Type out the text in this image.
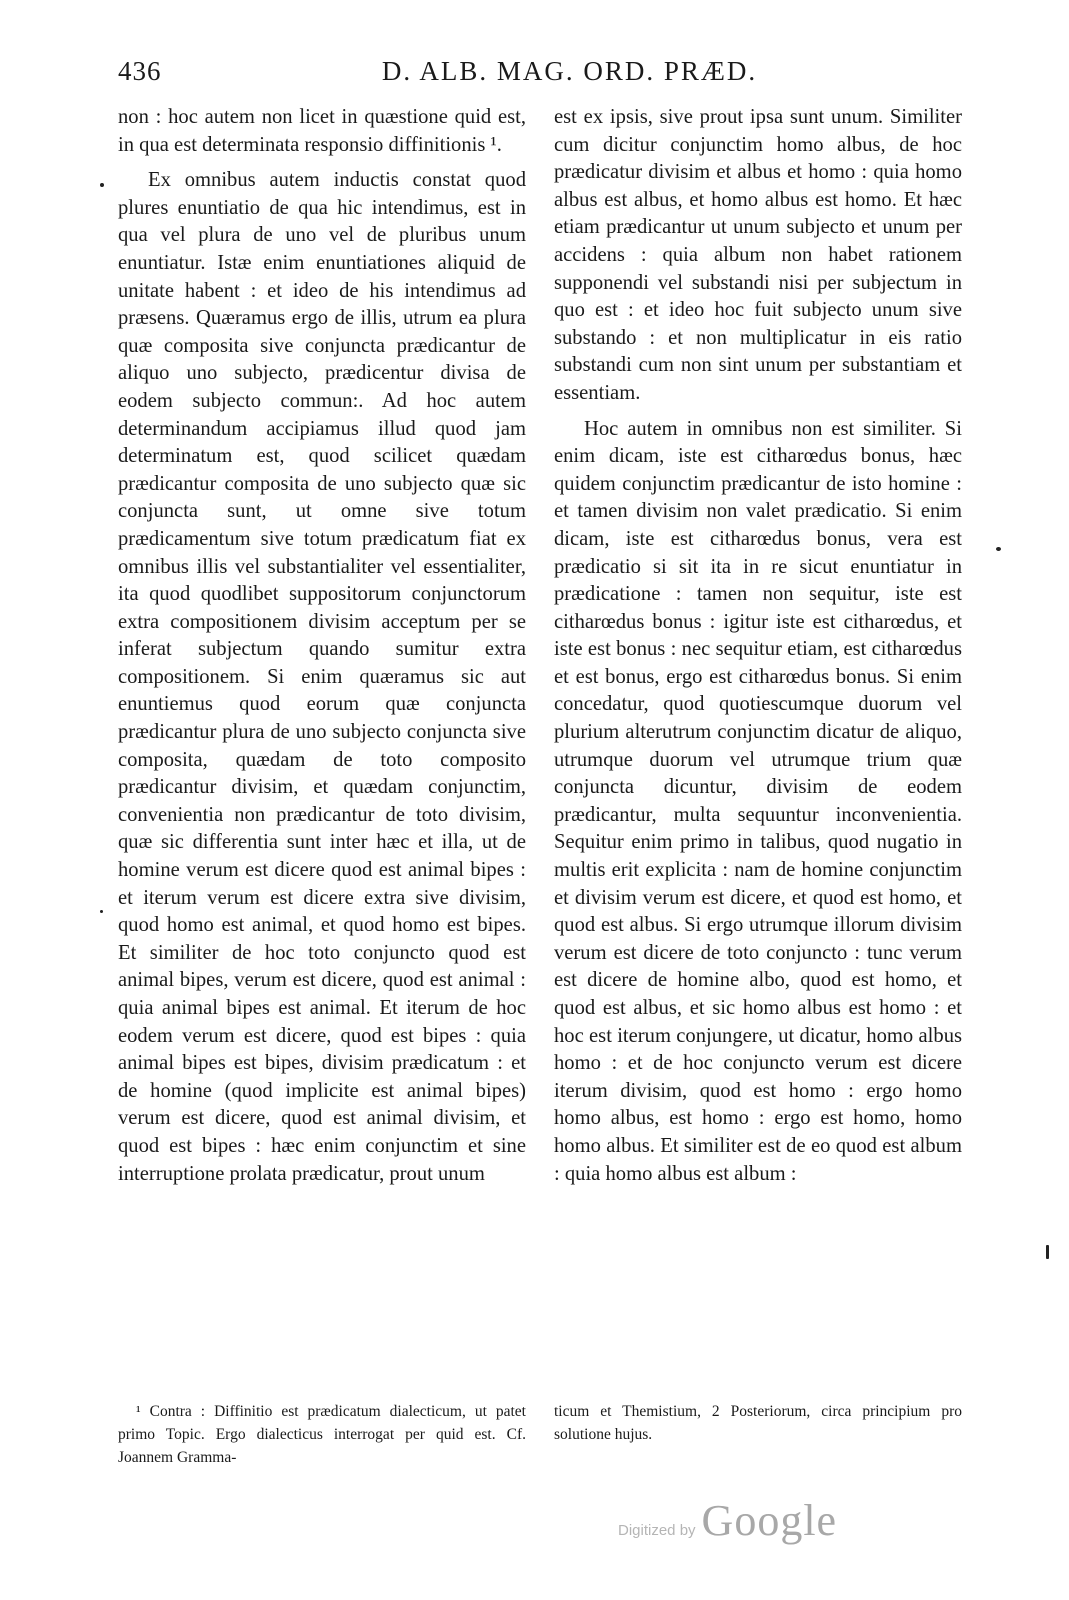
436	D. ALB. MAG. ORD. PRÆD.

non : hoc autem non licet in quæstione quid est, in qua est determinata responsio diffinitionis ¹.

Ex omnibus autem inductis constat quod plures enuntiatio de qua hic intendimus, est in qua vel plura de uno vel de pluribus unum enuntiatur. Istæ enim enuntiationes aliquid de unitate habent : et ideo de his intendimus ad præsens. Quæramus ergo de illis, utrum ea plura quæ composita sive conjuncta prædicantur de aliquo uno subjecto, prædicentur divisa de eodem subjecto commun:. Ad hoc autem determinandum accipiamus illud quod jam determinatum est, quod scilicet quædam prædicantur composita de uno subjecto quæ sic conjuncta sunt, ut omne sive totum prædicamentum sive totum prædicatum fiat ex omnibus illis vel substantialiter vel essentialiter, ita quod quodlibet suppositorum conjunctorum extra compositionem divisim acceptum per se inferat subjectum quando sumitur extra compositionem. Si enim quæramus sic aut enuntiemus quod eorum quæ conjuncta prædicantur plura de uno subjecto conjuncta sive composita, quædam de toto composito prædicantur divisim, et quædam conjunctim, convenientia non prædicantur de toto divisim, quæ sic differentia sunt inter hæc et illa, ut de homine verum est dicere quod est animal bipes : et iterum verum est dicere extra sive divisim, quod homo est animal, et quod homo est bipes. Et similiter de hoc toto conjuncto quod est animal bipes, verum est dicere, quod est animal : quia animal bipes est animal. Et iterum de hoc eodem verum est dicere, quod est bipes : quia animal bipes est bipes, divisim prædicatum : et de homine (quod implicite est animal bipes) verum est dicere, quod est animal divisim, et quod est bipes : hæc enim conjunctim et sine interruptione prolata prædicatur, prout unum

est ex ipsis, sive prout ipsa sunt unum. Similiter cum dicitur conjunctim homo albus, de hoc prædicatur divisim et albus et homo : quia homo albus est albus, et homo albus est homo. Et hæc etiam prædicantur ut unum subjecto et unum per accidens : quia album non habet rationem supponendi vel substandi nisi per subjectum in quo est : et ideo hoc fuit subjecto unum sive substando : et non multiplicatur in eis ratio substandi cum non sint unum per substantiam et essentiam.

Hoc autem in omnibus non est similiter. Si enim dicam, iste est citharœdus bonus, hæc quidem conjunctim prædicantur de isto homine : et tamen divisim non valet prædicatio. Si enim dicam, iste est citharœdus bonus, vera est prædicatio si sit ita in re sicut enuntiatur in prædicatione : tamen non sequitur, iste est citharœdus bonus : igitur iste est citharœdus, et iste est bonus : nec sequitur etiam, est citharœdus et est bonus, ergo est citharœdus bonus. Si enim concedatur, quod quotiescumque duorum vel plurium alterutrum conjunctim dicatur de aliquo, utrumque duorum vel utrumque trium quæ conjuncta dicuntur, divisim de eodem prædicantur, multa sequuntur inconvenientia. Sequitur enim primo in talibus, quod nugatio in multis erit explicita : nam de homine conjunctim et divisim verum est dicere, et quod est homo, et quod est albus. Si ergo utrumque illorum divisim verum est dicere de toto conjuncto : tunc verum est dicere de homine albo, quod est homo, et quod est albus, et sic homo albus est homo : et hoc est iterum conjungere, ut dicatur, homo albus homo : et de hoc conjuncto verum est dicere iterum divisim, quod est homo : ergo homo homo albus, est homo : ergo est homo, homo homo albus. Et similiter est de eo quod est album : quia homo albus est album :

¹ Contra : Diffinitio est prædicatum dialecticum, ut patet primo Topic. Ergo dialecticus interrogat per quid est. Cf. Joannem Gramma-
ticum et Themistium, 2 Posteriorum, circa principium pro solutione hujus.
Digitized by Google
